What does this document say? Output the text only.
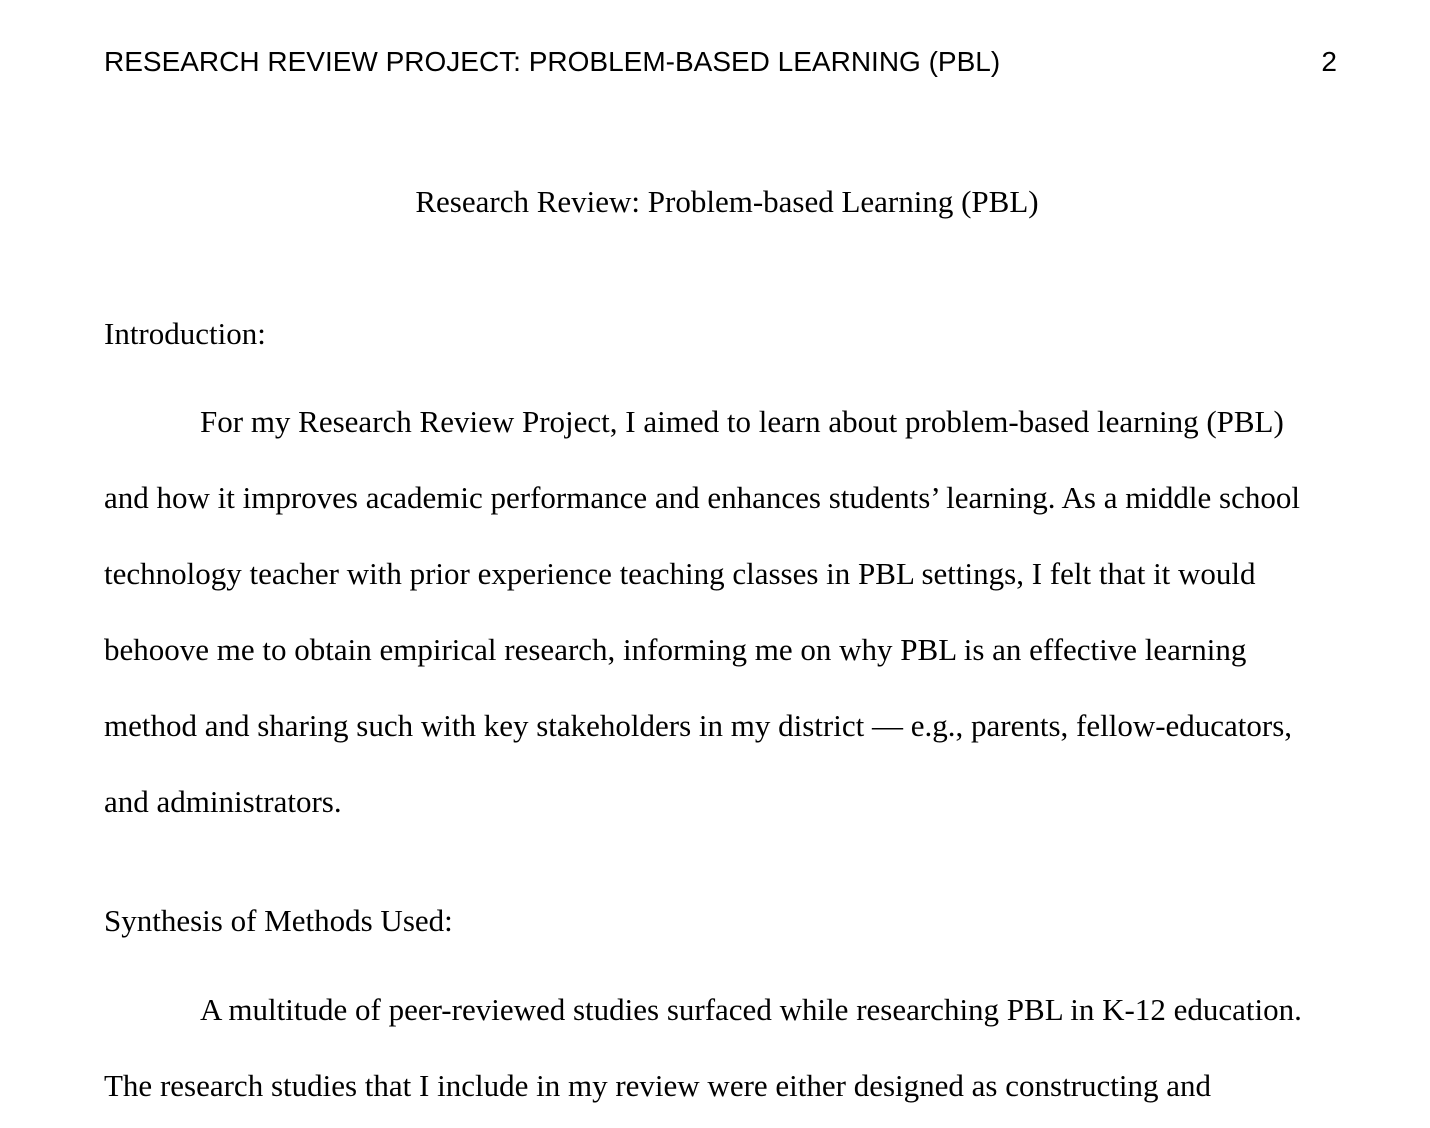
RESEARCH REVIEW PROJECT: PROBLEM-BASED LEARNING (PBL)	2
Research Review: Problem-based Learning (PBL)
Introduction:
For my Research Review Project, I aimed to learn about problem-based learning (PBL)
and how it improves academic performance and enhances students’ learning. As a middle school
technology teacher with prior experience teaching classes in PBL settings, I felt that it would
behoove me to obtain empirical research, informing me on why PBL is an effective learning
method and sharing such with key stakeholders in my district — e.g., parents, fellow-educators,
and administrators.
Synthesis of Methods Used:
A multitude of peer-reviewed studies surfaced while researching PBL in K-12 education.
The research studies that I include in my review were either designed as constructing and
